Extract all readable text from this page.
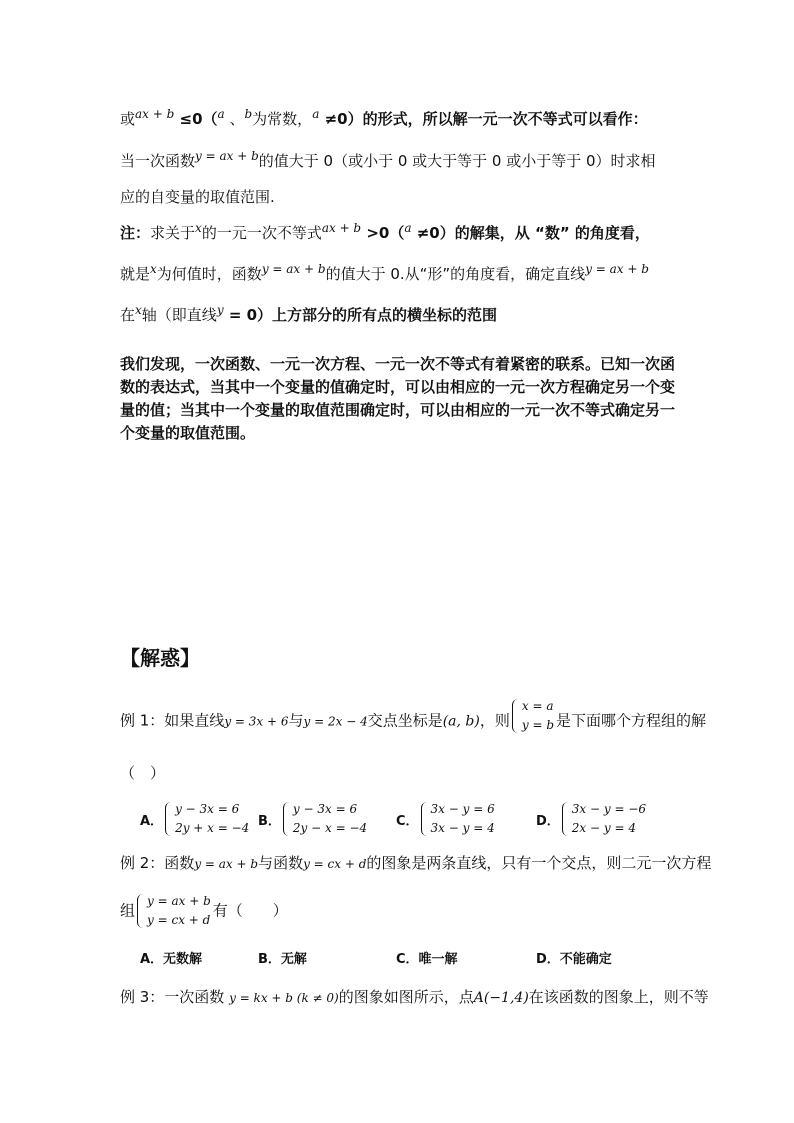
或$^{ax + b}$ ≤0（$^a$ 、$^b$为常数，$^a$ ≠0）的形式，所以解一元一次不等式可以看作：
当一次函数$^{y = ax + b}$的值大于 0（或小于 0 或大于等于 0 或小于等于 0）时求相
应的自变量的取值范围.
注：求关于$^x$的一元一次不等式$^{ax + b}$ >0（$^a$ ≠0）的解集，从 “数” 的角度看，
就是$^x$为何值时，函数$^{y = ax + b}$的值大于 0.从“形”的角度看，确定直线$^{y = ax + b}$
在$^x$轴（即直线$^y$ = 0）上方部分的所有点的横坐标的范围
我们发现，一次函数、一元一次方程、一元一次不等式有着紧密的联系。已知一次函数的表达式，当其中一个变量的值确定时，可以由相应的一元一次方程确定另一个变量的值；当其中一个变量的取值范围确定时，可以由相应的一元一次不等式确定另一个变量的取值范围。
【解惑】
例 1：如果直线y = 3x + 6与y = 2x − 4交点坐标是(a, b)，则
x = a
y = b 是下面哪个方程组的解
（　）
A．
y − 3x = 6
2y + x = −4 B．
y − 3x = 6
2y − x = −4 C．
3x − y = 6
3x − y = 4	D．
3x − y = −6
2x − y = 4
例 2：函数y = ax + b与函数y = cx + d的图象是两条直线，只有一个交点，则二元一次方程
组
y = ax + b
y = cx + d
有（　　）
A．无数解	B．无解	C．唯一解	D．不能确定
例 3：一次函数 y = kx + b (k ≠ 0)的图象如图所示，点A(−1,4)在该函数的图象上，则不等
